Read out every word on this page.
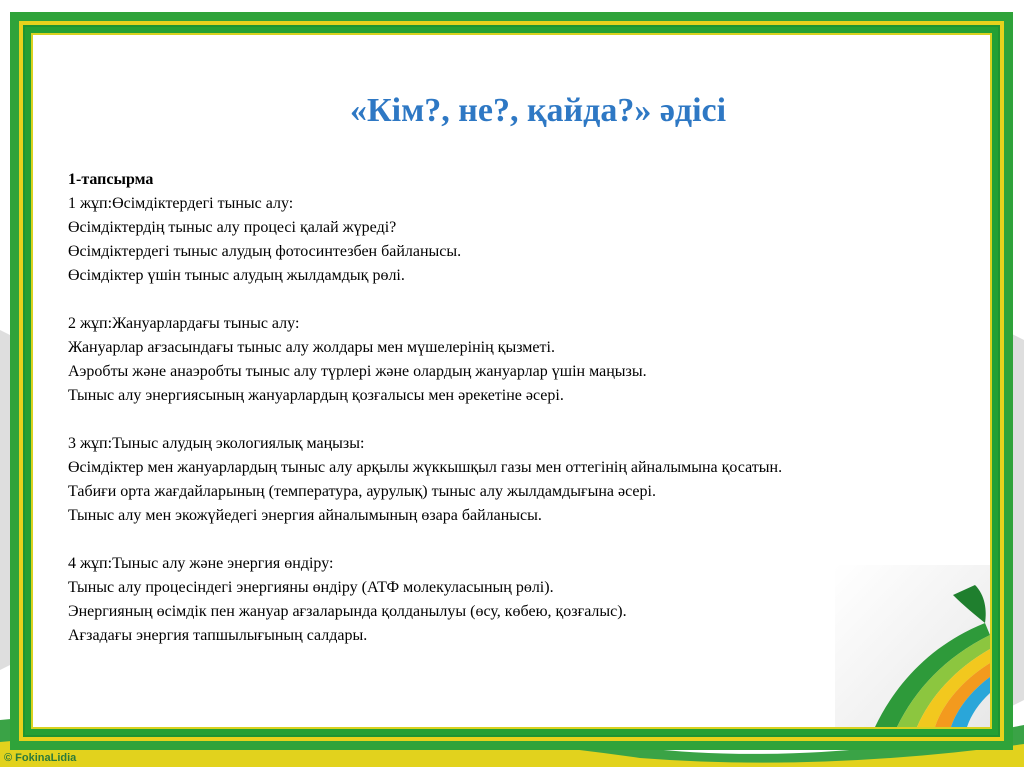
«Кім?, не?, қайда?» әдісі
1-тапсырма
1 жұп:Өсімдіктердегі тыныс алу:
Өсімдіктердің тыныс алу процесі қалай жүреді?
Өсімдіктердегі тыныс алудың фотосинтезбен байланысы.
Өсімдіктер үшін тыныс алудың жылдамдық рөлі.
2 жұп:Жануарлардағы тыныс алу:
Жануарлар ағзасындағы тыныс алу жолдары мен мүшелерінің қызметі.
Аэробты және анаэробты тыныс алу түрлері және олардың жануарлар үшін маңызы.
Тыныс алу энергиясының жануарлардың қозғалысы мен әрекетіне әсері.
3 жұп:Тыныс алудың экологиялық маңызы:
Өсімдіктер мен жануарлардың тыныс алу арқылы жүккышқыл газы мен оттегінің айналымына қосатын.
Табиғи орта жағдайларының (температура, аурулық) тыныс алу жылдамдығына әсері.
Тыныс алу мен экожүйедегі энергия айналымының өзара байланысы.
4 жұп:Тыныс алу және энергия өндіру:
Тыныс алу процесіндегі энергияны өндіру (АТФ молекуласының рөлі).
Энергияның өсімдік пен жануар ағзаларында қолданылуы (өсу, көбею, қозғалыс).
Ағзадағы энергия тапшылығының салдары.
© FokinaLidia
